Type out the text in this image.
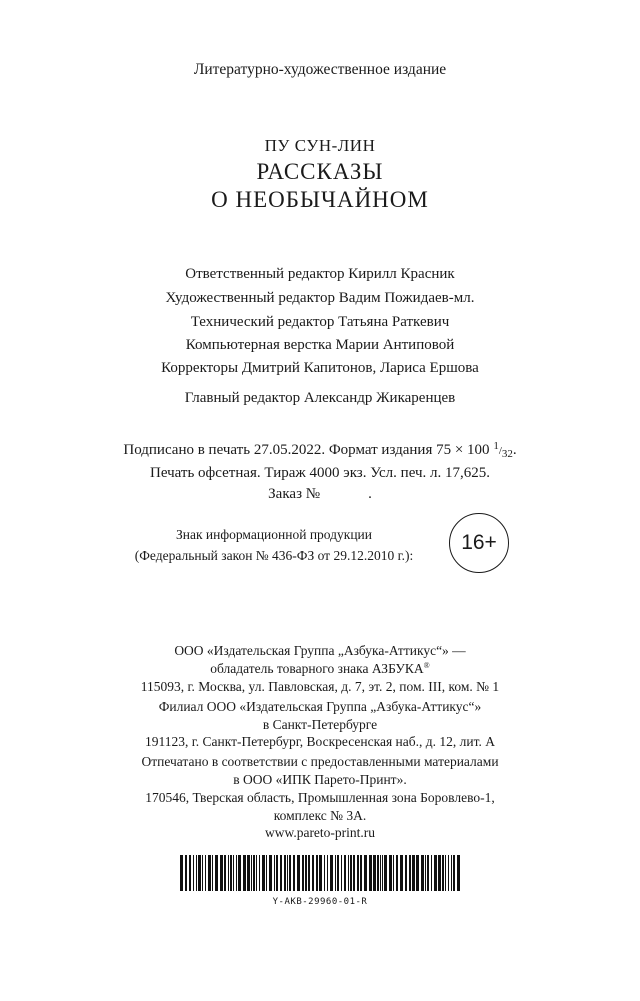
Литературно-художественное издание
ПУ СУН-ЛИН
РАССКАЗЫ
О НЕОБЫЧАЙНОМ
Ответственный редактор Кирилл Красник
Художественный редактор Вадим Пожидаев-мл.
Технический редактор Татьяна Раткевич
Компьютерная верстка Марии Антиповой
Корректоры Дмитрий Капитонов, Лариса Ершова
Главный редактор Александр Жикаренцев
Подписано в печать 27.05.2022. Формат издания 75 × 100 1/32.
Печать офсетная. Тираж 4000 экз. Усл. печ. л. 17,625.
Заказ №	.
Знак информационной продукции
(Федеральный закон № 436-ФЗ от 29.12.2010 г.):
16+
ООО «Издательская Группа „Азбука-Аттикус“» —
обладатель товарного знака АЗБУКА®
115093, г. Москва, ул. Павловская, д. 7, эт. 2, пом. III, ком. № 1
Филиал ООО «Издательская Группа „Азбука-Аттикус“»
в Санкт-Петербурге
191123, г. Санкт-Петербург, Воскресенская наб., д. 12, лит. А
Отпечатано в соответствии с предоставленными материалами
в ООО «ИПК Парето-Принт».
170546, Тверская область, Промышленная зона Боровлево-1,
комплекс № 3А.
www.pareto-print.ru
Y-AKB-29960-01-R
